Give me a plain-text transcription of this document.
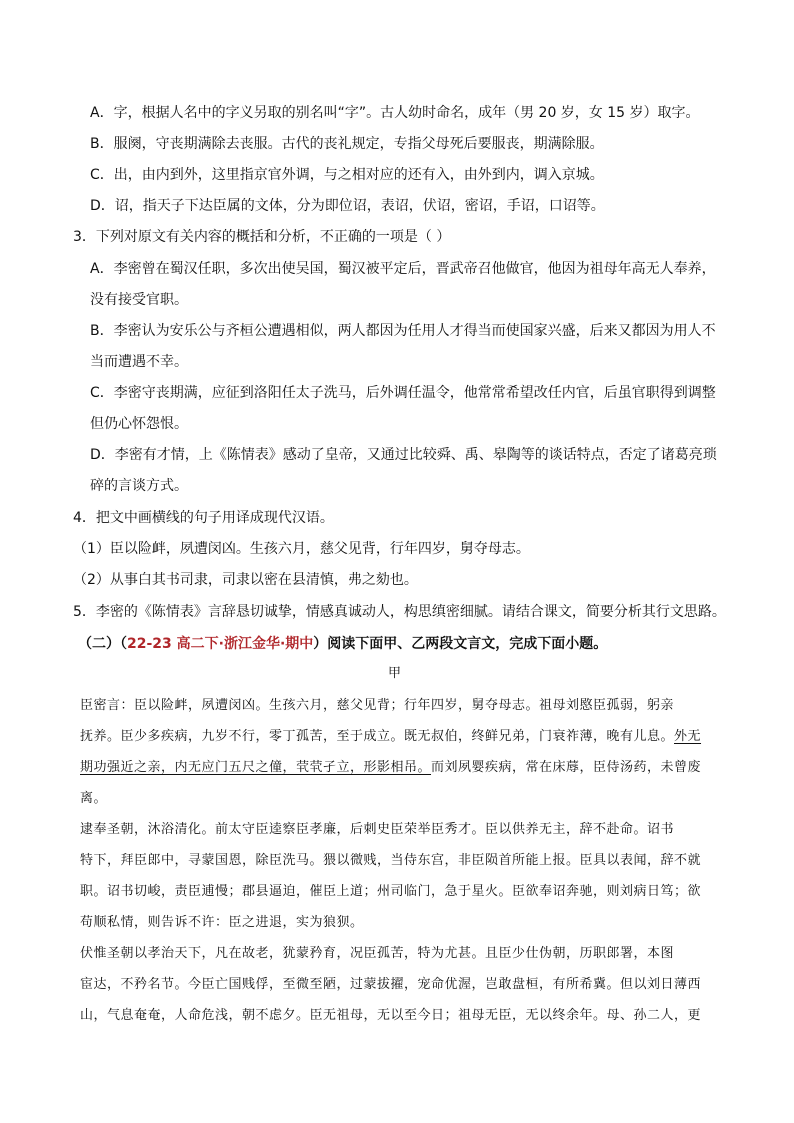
A．字，根据人名中的字义另取的别名叫“字”。古人幼时命名，成年（男 20 岁，女 15 岁）取字。
B．服阕，守丧期满除去丧服。古代的丧礼规定，专指父母死后要服丧，期满除服。
C．出，由内到外，这里指京官外调，与之相对应的还有入，由外到内，调入京城。
D．诏，指天子下达臣属的文体，分为即位诏，表诏，伏诏，密诏，手诏，口诏等。
3．下列对原文有关内容的概括和分析，不正确的一项是（ ）
A．李密曾在蜀汉任职，多次出使吴国，蜀汉被平定后，晋武帝召他做官，他因为祖母年高无人奉养，
没有接受官职。
B．李密认为安乐公与齐桓公遭遇相似，两人都因为任用人才得当而使国家兴盛，后来又都因为用人不
当而遭遇不幸。
C．李密守丧期满，应征到洛阳任太子洗马，后外调任温令，他常常希望改任内官，后虽官职得到调整
但仍心怀怨恨。
D．李密有才情，上《陈情表》感动了皇帝，又通过比较舜、禹、皋陶等的谈话特点，否定了诸葛亮琐
碎的言谈方式。
4．把文中画横线的句子用译成现代汉语。
（1）臣以险衅，夙遭闵凶。生孩六月，慈父见背，行年四岁，舅夺母志。
（2）从事白其书司隶，司隶以密在县清慎，弗之劾也。
5．李密的《陈情表》言辞恳切诚挚，情感真诚动人，构思缜密细腻。请结合课文，简要分析其行文思路。
（二）（22-23 高二下·浙江金华·期中）阅读下面甲、乙两段文言文，完成下面小题。
甲
臣密言：臣以险衅，夙遭闵凶。生孩六月，慈父见背；行年四岁，舅夺母志。祖母刘愍臣孤弱，躬亲
抚养。臣少多疾病，九岁不行，零丁孤苦，至于成立。既无叔伯，终鲜兄弟，门衰祚薄，晚有儿息。外无
期功强近之亲，内无应门五尺之僮，茕茕孑立，形影相吊。而刘夙婴疾病，常在床蓐，臣侍汤药，未曾废
离。
逮奉圣朝，沐浴清化。前太守臣逵察臣孝廉，后刺史臣荣举臣秀才。臣以供养无主，辞不赴命。诏书
特下，拜臣郎中，寻蒙国恩，除臣洗马。猥以微贱，当侍东宫，非臣陨首所能上报。臣具以表闻，辞不就
职。诏书切峻，责臣逋慢；郡县逼迫，催臣上道；州司临门，急于星火。臣欲奉诏奔驰，则刘病日笃；欲
苟顺私情，则告诉不许：臣之进退，实为狼狈。
伏惟圣朝以孝治天下，凡在故老，犹蒙矜育，况臣孤苦，特为尤甚。且臣少仕伪朝，历职郎署，本图
宦达，不矜名节。今臣亡国贱俘，至微至陋，过蒙拔擢，宠命优渥，岂敢盘桓，有所希冀。但以刘日薄西
山，气息奄奄，人命危浅，朝不虑夕。臣无祖母，无以至今日；祖母无臣，无以终余年。母、孙二人，更
